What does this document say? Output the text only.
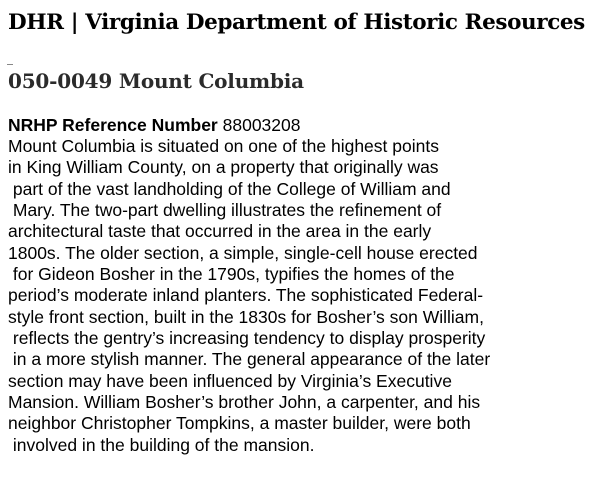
DHR | Virginia Department of Historic Resources
050-0049 Mount Columbia
NRHP Reference Number 88003208
Mount Columbia is situated on one of the highest points
in King William County, on a property that originally was
part of the vast landholding of the College of William and
Mary. The two-part dwelling illustrates the refinement of
architectural taste that occurred in the area in the early
1800s. The older section, a simple, single-cell house erected
for Gideon Bosher in the 1790s, typifies the homes of the
period’s moderate inland planters. The sophisticated Federal-
style front section, built in the 1830s for Bosher’s son William,
reflects the gentry’s increasing tendency to display prosperity
in a more stylish manner. The general appearance of the later
section may have been influenced by Virginia’s Executive
Mansion. William Bosher’s brother John, a carpenter, and his
neighbor Christopher Tompkins, a master builder, were both
involved in the building of the mansion.
